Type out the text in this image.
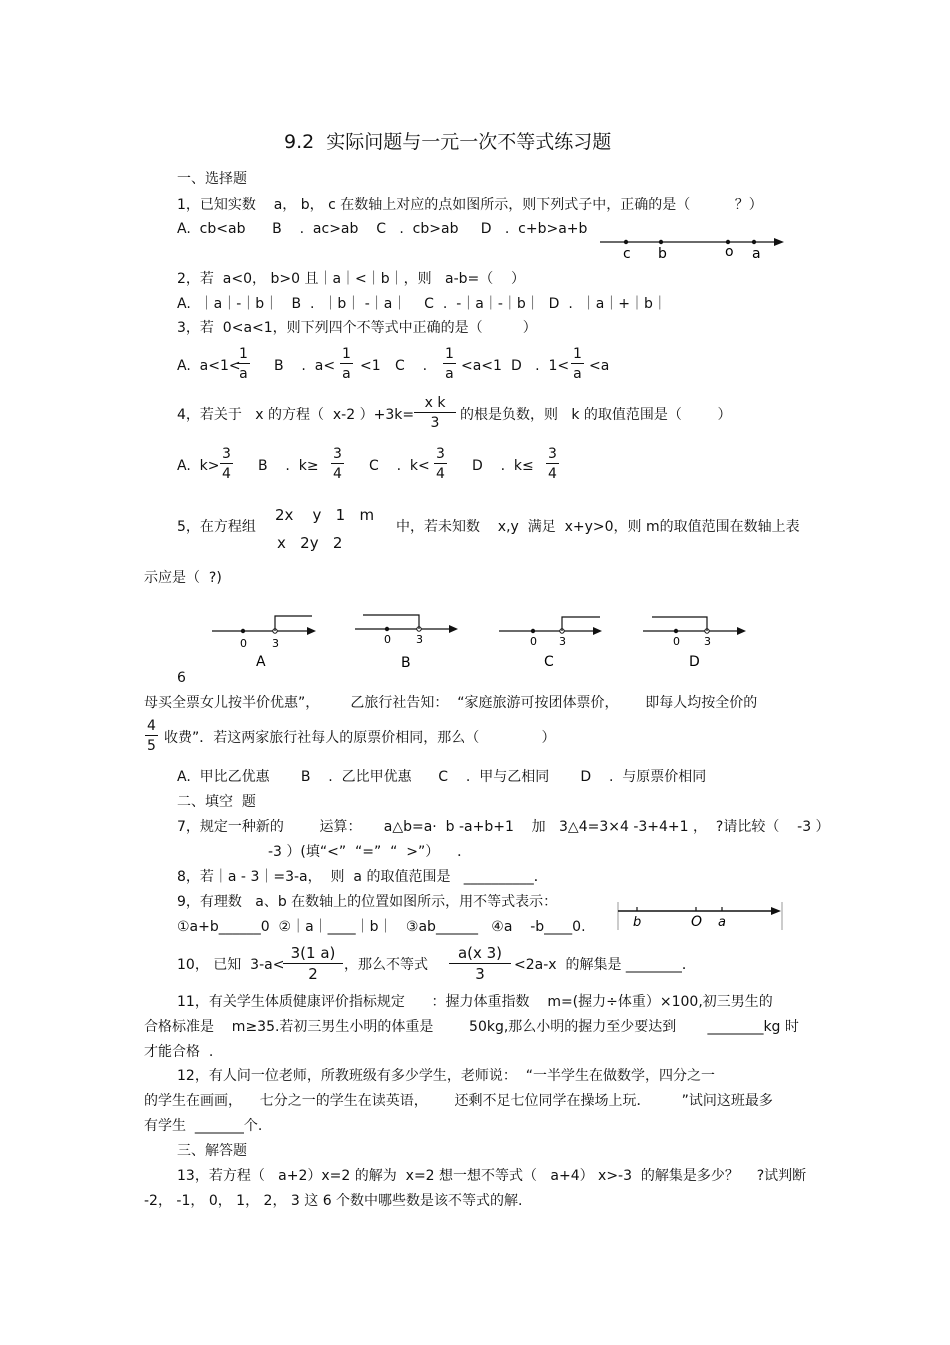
9.2  实际问题与一元一次不等式练习题
一、选择题
1，已知实数    a， b， c 在数轴上对应的点如图所示，则下列式子中，正确的是（          ？）
A.  cb<ab      B    .  ac>ab    C   .  cb>ab     D   .  c+b>a+b
c b	o a
2，若  a<0， b>0 且｜a｜<｜b｜，则   a-b=（    ）
A.  ｜a｜-｜b｜   B  .  ｜b｜ -｜a｜    C  .  -｜a｜-｜b｜  D  .  ｜a｜+｜b｜
3，若  0<a<1，则下列四个不等式中正确的是（         ）
A.  a<1<
$\frac{1}{a}$ B    .  $a< \frac{1}{a} <1$ C    . $\frac{1}{a} <a<1$ D   .  $1< \frac{1}{a} <a$
4，若关于   x 的方程（  x-2 ）$+3k= \frac{\text{x k}}{3}$ 的根是负数，则   k 的取值范围是（        ）
A.  $k> \frac{3}{4}$ B    .  $k\ge \frac{3}{4}$ C    .  $k< \frac{3}{4}$ D    .  $k\le \frac{3}{4}$
5，在方程组
2x    y   1   m
x   2y   2
中，若未知数    x,y  满足  x+y>0，则 m的取值范围在数轴上表
示应是（  ?)
0 3
A
0 3
B
0 3
C
0 3
D
6
母买全票女儿按半价优惠”，       乙旅行社告知：  “家庭旅游可按团体票价，      即每人均按全价的
$\frac{4}{5}$ 收费”．若这两家旅行社每人的原票价相同，那么（              ）
A.  甲比乙优惠       B    .  乙比甲优惠      C    .  甲与乙相同       D    .  与原票价相同
二、填空  题
7，规定一种新的        运算：     a△b=a·  b -a+b+1    加   3△4=3×4 -3+4+1 ，  ?请比较（    -3 ）
-3 ）(填“<”  “=”  “  >”）    ．
8，若｜a - 3｜=3-a，  则  a 的取值范围是   __________．
9，有理数   a、b 在数轴上的位置如图所示，用不等式表示：
①a+b______0  ②｜a｜____｜b｜   ③ab______   ④a    -b____0.	b	O a
10， 已知  3-a<
$\frac{3(1 a)}{2}$ ，那么不等式 $\frac{a(x 3)}{3} <2a-x$  的解集是 ________．
11，有关学生体质健康评价指标规定      ：握力体重指数    m=(握力÷体重）×100,初三男生的
合格标准是    m≥35.若初三男生小明的体重是        50kg,那么小明的握力至少要达到       ________kg 时
才能合格  .
12，有人问一位老师，所教班级有多少学生，老师说：  “一半学生在做数学，四分之一
的学生在画画，    七分之一的学生在读英语，      还剩不足七位同学在操场上玩．       ”试问这班最多
有学生  _______个.
三、解答题
13，若方程（   a+2）x=2 的解为  x=2 想一想不等式（   a+4） x>-3  的解集是多少？    ?试判断
-2， -1， 0， 1， 2， 3 这 6 个数中哪些数是该不等式的解.
